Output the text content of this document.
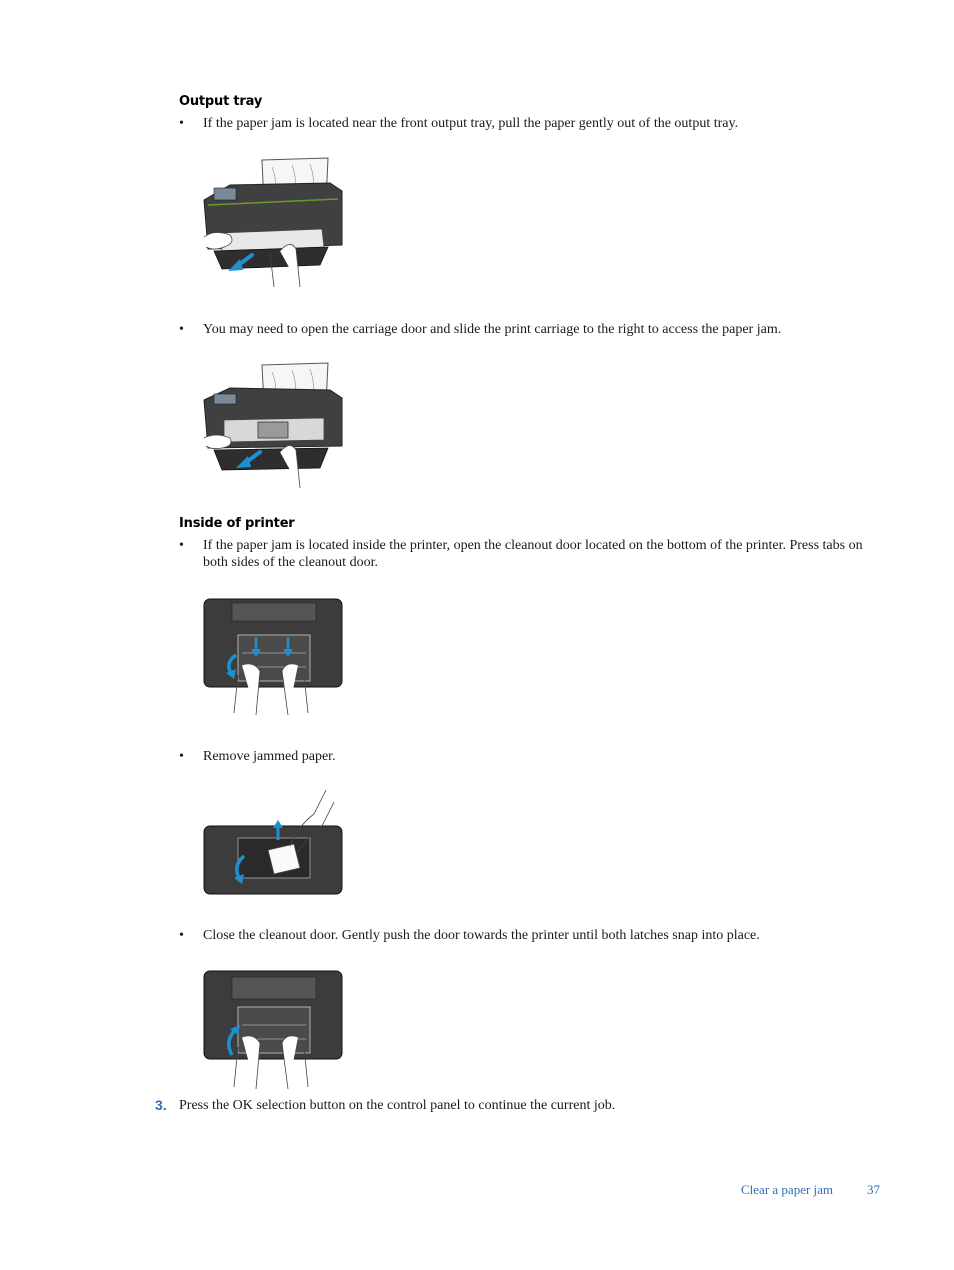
Output tray
• If the paper jam is located near the front output tray, pull the paper gently out of the output tray.
• You may need to open the carriage door and slide the print carriage to the right to access the paper jam.
Inside of printer
• If the paper jam is located inside the printer, open the cleanout door located on the bottom of the printer. Press tabs on both sides of the cleanout door.
• Remove jammed paper.
• Close the cleanout door. Gently push the door towards the printer until both latches snap into place.
3. Press the OK selection button on the control panel to continue the current job.
Clear a paper jam	37
